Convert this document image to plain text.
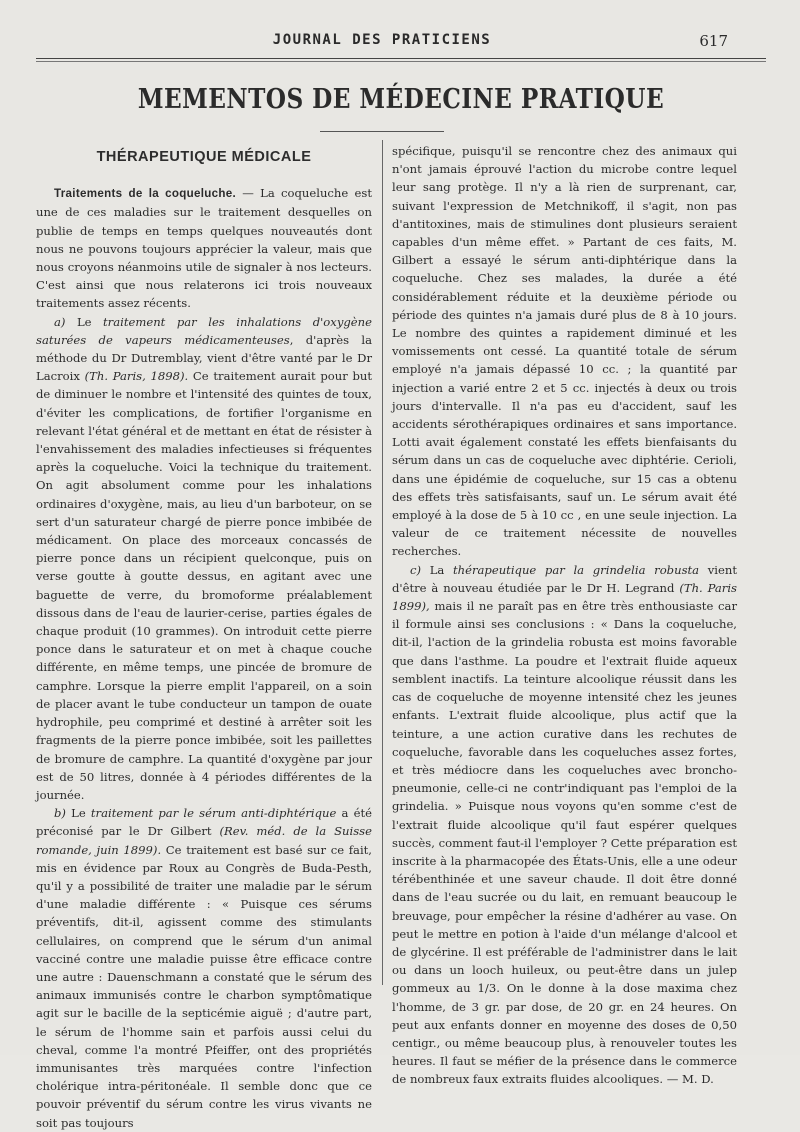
JOURNAL DES PRATICIENS	617
MEMENTOS DE MÉDECINE PRATIQUE
THÉRAPEUTIQUE MÉDICALE

Traitements de la coqueluche. — La coqueluche est une de ces maladies sur le traitement desquelles on publie de temps en temps quelques nouveautés dont nous ne pouvons toujours apprécier la valeur, mais que nous croyons néanmoins utile de signaler à nos lecteurs. C'est ainsi que nous relaterons ici trois nouveaux traitements assez récents.

a) Le traitement par les inhalations d'oxygène saturées de vapeurs médicamenteuses, d'après la méthode du Dr Dutremblay, vient d'être vanté par le Dr Lacroix (Th. Paris, 1898). Ce traitement aurait pour but de diminuer le nombre et l'intensité des quintes de toux, d'éviter les complications, de fortifier l'organisme en relevant l'état général et de mettant en état de résister à l'envahissement des maladies infectieuses si fréquentes après la coqueluche. Voici la technique du traitement. On agit absolument comme pour les inhalations ordinaires d'oxygène, mais, au lieu d'un barboteur, on se sert d'un saturateur chargé de pierre ponce imbibée de médicament. On place des morceaux concassés de pierre ponce dans un récipient quelconque, puis on verse goutte à goutte dessus, en agitant avec une baguette de verre, du bromoforme préalablement dissous dans de l'eau de laurier-cerise, parties égales de chaque produit (10 grammes). On introduit cette pierre ponce dans le saturateur et on met à chaque couche différente, en même temps, une pincée de bromure de camphre. Lorsque la pierre emplit l'appareil, on a soin de placer avant le tube conducteur un tampon de ouate hydrophile, peu comprimé et destiné à arrêter soit les fragments de la pierre ponce imbibée, soit les paillettes de bromure de camphre. La quantité d'oxygène par jour est de 50 litres, donnée à 4 périodes différentes de la journée.

b) Le traitement par le sérum anti-diphtérique a été préconisé par le Dr Gilbert (Rev. méd. de la Suisse romande, juin 1899). Ce traitement est basé sur ce fait, mis en évidence par Roux au Congrès de Buda-Pesth, qu'il y a possibilité de traiter une maladie par le sérum d'une maladie différente : « Puisque ces sérums préventifs, dit-il, agissent comme des stimulants cellulaires, on comprend que le sérum d'un animal vacciné contre une maladie puisse être efficace contre une autre : Dauenschmann a constaté que le sérum des animaux immunisés contre le charbon symptômatique agit sur le bacille de la septicémie aiguë ; d'autre part, le sérum de l'homme sain et parfois aussi celui du cheval, comme l'a montré Pfeiffer, ont des propriétés immunisantes très marquées contre l'infection cholérique intra-péritonéale. Il semble donc que ce pouvoir préventif du sérum contre les virus vivants ne soit pas toujours

spécifique, puisqu'il se rencontre chez des animaux qui n'ont jamais éprouvé l'action du microbe contre lequel leur sang protège. Il n'y a là rien de surprenant, car, suivant l'expression de Metchnikoff, il s'agit, non pas d'antitoxines, mais de stimulines dont plusieurs seraient capables d'un même effet. » Partant de ces faits, M. Gilbert a essayé le sérum anti-diphtérique dans la coqueluche. Chez ses malades, la durée a été considérablement réduite et la deuxième période ou période des quintes n'a jamais duré plus de 8 à 10 jours. Le nombre des quintes a rapidement diminué et les vomissements ont cessé. La quantité totale de sérum employé n'a jamais dépassé 10 cc. ; la quantité par injection a varié entre 2 et 5 cc. injectés à deux ou trois jours d'intervalle. Il n'a pas eu d'accident, sauf les accidents sérothérapiques ordinaires et sans importance. Lotti avait également constaté les effets bienfaisants du sérum dans un cas de coqueluche avec diphtérie. Cerioli, dans une épidémie de coqueluche, sur 15 cas a obtenu des effets très satisfaisants, sauf un. Le sérum avait été employé à la dose de 5 à 10 cc , en une seule injection. La valeur de ce traitement nécessite de nouvelles recherches.

c) La thérapeutique par la grindelia robusta vient d'être à nouveau étudiée par le Dr H. Legrand (Th. Paris 1899), mais il ne paraît pas en être très enthousiaste car il formule ainsi ses conclusions : « Dans la coqueluche, dit-il, l'action de la grindelia robusta est moins favorable que dans l'asthme. La poudre et l'extrait fluide aqueux semblent inactifs. La teinture alcoolique réussit dans les cas de coqueluche de moyenne intensité chez les jeunes enfants. L'extrait fluide alcoolique, plus actif que la teinture, a une action curative dans les rechutes de coqueluche, favorable dans les coqueluches assez fortes, et très médiocre dans les coqueluches avec broncho-pneumonie, celle-ci ne contr'indiquant pas l'emploi de la grindelia. » Puisque nous voyons qu'en somme c'est de l'extrait fluide alcoolique qu'il faut espérer quelques succès, comment faut-il l'employer ? Cette préparation est inscrite à la pharmacopée des États-Unis, elle a une odeur térébenthinée et une saveur chaude. Il doit être donné dans de l'eau sucrée ou du lait, en remuant beaucoup le breuvage, pour empêcher la résine d'adhérer au vase. On peut le mettre en potion à l'aide d'un mélange d'alcool et de glycérine. Il est préférable de l'administrer dans le lait ou dans un looch huileux, ou peut-être dans un julep gommeux au 1/3. On le donne à la dose maxima chez l'homme, de 3 gr. par dose, de 20 gr. en 24 heures. On peut aux enfants donner en moyenne des doses de 0,50 centigr., ou même beaucoup plus, à renouveler toutes les heures. Il faut se méfier de la présence dans le commerce de nombreux faux extraits fluides alcooliques. — M. D.
